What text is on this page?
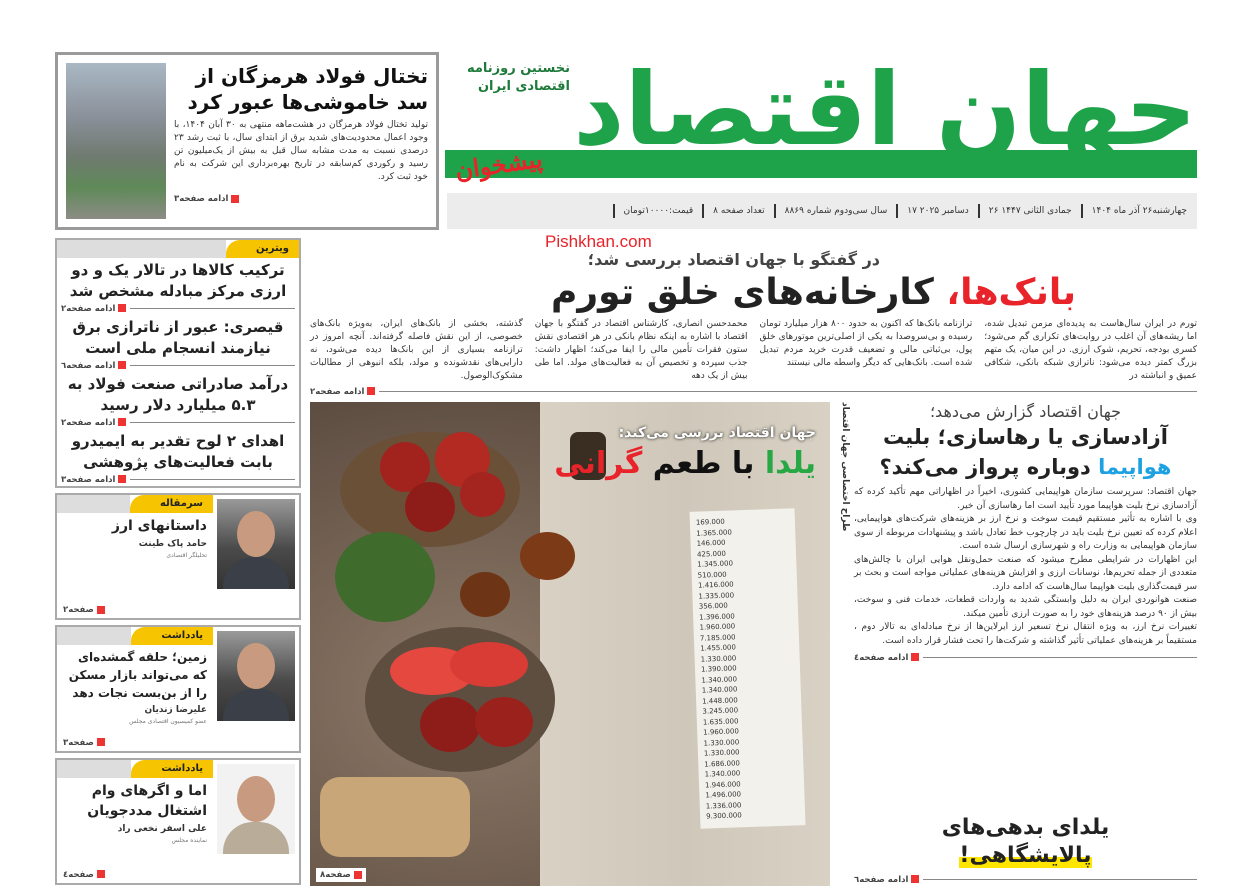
تختال فولاد هرمزگان از سد خاموشی‌ها عبور کرد

تولید تختال فولاد هرمزگان در هشت‌ماهه منتهی به ۳۰ آبان ۱۴۰۴، با وجود اعمال محدودیت‌های شدید برق از ابتدای سال، با ثبت رشد ۲۳ درصدی نسبت به مدت مشابه سال قبل به بیش از یک‌میلیون تن رسید و رکوردی کم‌سابقه در تاریخ بهره‌برداری این شرکت به نام خود ثبت کرد.

ادامه صفحه۳
جهان اقتصاد
نخستین روزنامه
اقتصادی ایران
چهارشنبه۲۶ آذر ماه ۱۴۰۴
۲۶ جمادی الثانی ۱۴۴۷
۱۷ دسامبر ۲۰۲۵
سال سی‌ودوم شماره ۸۸۶۹
تعداد صفحه ۸
قیمت:۱۰۰۰۰تومان
پیشخوان
Pishkhan.com
در گفتگو با جهان اقتصاد بررسی شد؛
بانک‌ها، کارخانه‌های خلق تورم

گذشته، بخشی از بانک‌های ایران، به‌ویژه بانک‌های خصوصی، از این نقش فاصله گرفته‌اند. آنچه امروز در ترازنامه بسیاری از این بانک‌ها دیده می‌شود، نه دارایی‌های نقدشونده و مولد، بلکه انبوهی از مطالبات مشکوک‌الوصول.

محمدحسن انصاری، کارشناس اقتصاد در گفتگو با جهان اقتصاد با اشاره به اینکه نظام بانکی در هر اقتصادی نقش ستون فقرات تأمین مالی را ایفا می‌کند؛ اظهار داشت: جذب سپرده و تخصیص آن به فعالیت‌های مولد. اما طی بیش از یک دهه

ترازنامه بانک‌ها که اکنون به حدود ۸۰۰ هزار میلیارد تومان رسیده و بی‌سروصدا به یکی از اصلی‌ترین موتورهای خلق پول، بی‌ثباتی مالی و تضعیف قدرت خرید مردم تبدیل شده است. بانک‌هایی که دیگر واسطه مالی نیستند

تورم در ایران سال‌هاست به پدیده‌ای مزمن تبدیل شده، اما ریشه‌های آن اغلب در روایت‌های تکراری گم می‌شود؛ کسری بودجه، تحریم، شوک ارزی. در این میان، یک متهم بزرگ کمتر دیده می‌شود: ناترازی شبکه بانکی، شکافی عمیق و انباشته در

ادامه صفحه۲
169.000
1.365.000
146.000
425.000
1.345.000
510.000
1.416.000
1.335.000
356.000
1.396.000
1.960.000
7.185.000
1.455.000
1.330.000
1.390.000
1.340.000
1.340.000
1.448.000
3.245.000
1.635.000
1.960.000
1.330.000
1.330.000
1.686.000
1.340.000
1.946.000
1.496.000
1.336.000
9.300.000
جهان اقتصاد بررسی می‌کند:
یلدا با طعم گرانی
صفحه۸
طراح اختصاصی جهان اقتصاد	جهان اقتصاد گزارش می‌دهد؛
آزادسازی یا رهاسازی؛ بلیت
هواپیما دوباره پرواز می‌کند؟

جهان اقتصاد: سرپرست سازمان هواپیمایی کشوری، اخیراً در اظهاراتی مهم تأکید کرده که آزادسازی نرخ بلیت هواپیما مورد تأیید است اما رهاسازی آن خیر.
وی با اشاره به تأثیر مستقیم قیمت سوخت و نرخ ارز بر هزینه‌های شرکت‌های هواپیمایی، اعلام کرده که تعیین نرخ بلیت باید در چارچوب خط تعادل باشد و پیشنهادات مربوطه از سوی سازمان هواپیمایی به وزارت راه و شهرسازی ارسال شده است.
این اظهارات در شرایطی مطرح میشود که صنعت حمل‌ونقل هوایی ایران با چالش‌های متعددی از جمله تحریم‌ها، نوسانات ارزی و افزایش هزینه‌های عملیاتی مواجه است و بحث بر سر قیمت‌گذاری بلیت هواپیما سال‌هاست که ادامه دارد.
صنعت هوانوردی ایران به دلیل وابستگی شدید به واردات قطعات، خدمات فنی و سوخت، بیش از ۹۰ درصد هزینه‌های خود را به صورت ارزی تأمین میکند.
تغییرات نرخ ارز، به ویژه انتقال نرخ تسعیر ارز ایرلاین‌ها از نرخ مبادله‌ای به تالار دوم ، مستقیماً بر هزینه‌های عملیاتی تأثیر گذاشته و شرکت‌ها را تحت فشار قرار داده است.

ادامه صفحه٤
یلدای بدهی‌های
پالایشگاهی!
ادامه صفحه٦
ویترین
ترکیب کالاها در تالار یک و دو ارزی مرکز مبادله مشخص شد
ادامه صفحه۲
قیصری: عبور از ناترازی برق نیازمند انسجام ملی است
ادامه صفحه٦
درآمد صادراتی صنعت فولاد به ۵.۳ میلیارد دلار رسید
ادامه صفحه۲
اهدای ۲ لوح تقدیر به ایمیدرو بابت فعالیت‌های پژوهشی
ادامه صفحه۳
سرمقاله
داستانهای ارز
حامد پاک طینت
تحلیلگر اقتصادی
صفحه۲
یادداشت
زمین؛ حلقه گمشده‌ای که می‌تواند بازار مسکن را از بن‌بست نجات دهد
علیرضا زندیان
عضو کمیسیون اقتصادی مجلس
صفحه۳
یادداشت
اما و اگرهای وام اشتغال مددجویان
علی اسفر نخعی راد
نماینده مجلس
صفحه٤
